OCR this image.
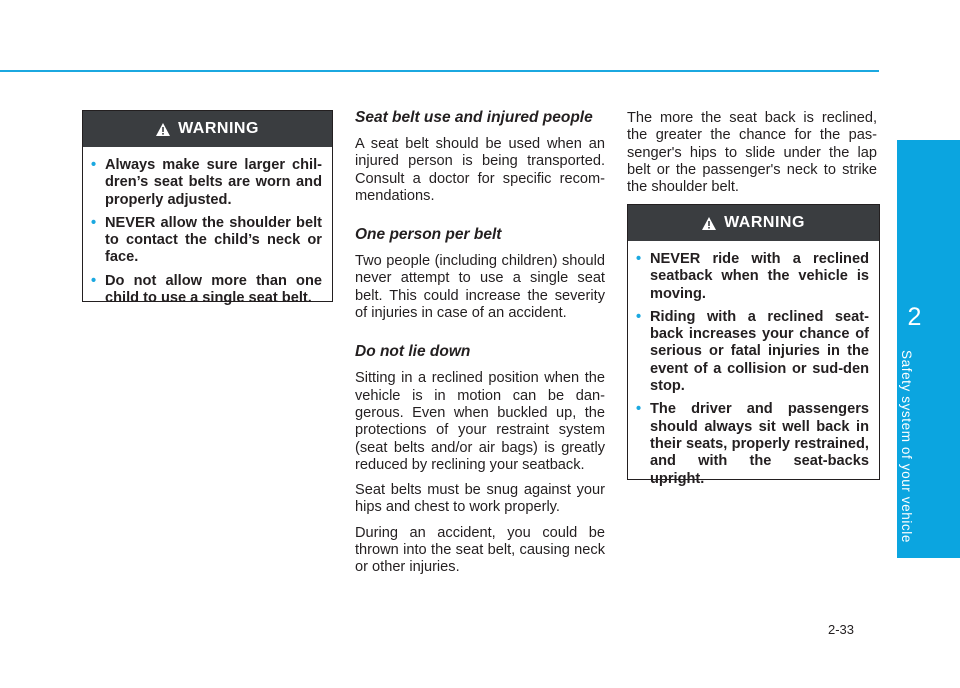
2
Safety system of your vehicle
WARNING
• Always make sure larger chil-dren’s seat belts are worn and properly adjusted.
• NEVER allow the shoulder belt to contact the child’s neck or face.
• Do not allow more than one child to use a single seat belt.
Seat belt use and injured people

A seat belt should be used when an injured person is being transported. Consult a doctor for specific recom-mendations.

One person per belt

Two people (including children) should never attempt to use a single seat belt. This could increase the severity of injuries in case of an accident.

Do not lie down

Sitting in a reclined position when the vehicle is in motion can be dan-gerous. Even when buckled up, the protections of your restraint system (seat belts and/or air bags) is greatly reduced by reclining your seatback.

Seat belts must be snug against your hips and chest to work properly.

During an accident, you could be thrown into the seat belt, causing neck or other injuries.

The more the seat back is reclined, the greater the chance for the pas-senger's hips to slide under the lap belt or the passenger's neck to strike the shoulder belt.

WARNING
• NEVER ride with a reclined seatback when the vehicle is moving.
• Riding with a reclined seat-back increases your chance of serious or fatal injuries in the event of a collision or sud-den stop.
• The driver and passengers should always sit well back in their seats, properly restrained, and with the seat-backs upright.
2-33
